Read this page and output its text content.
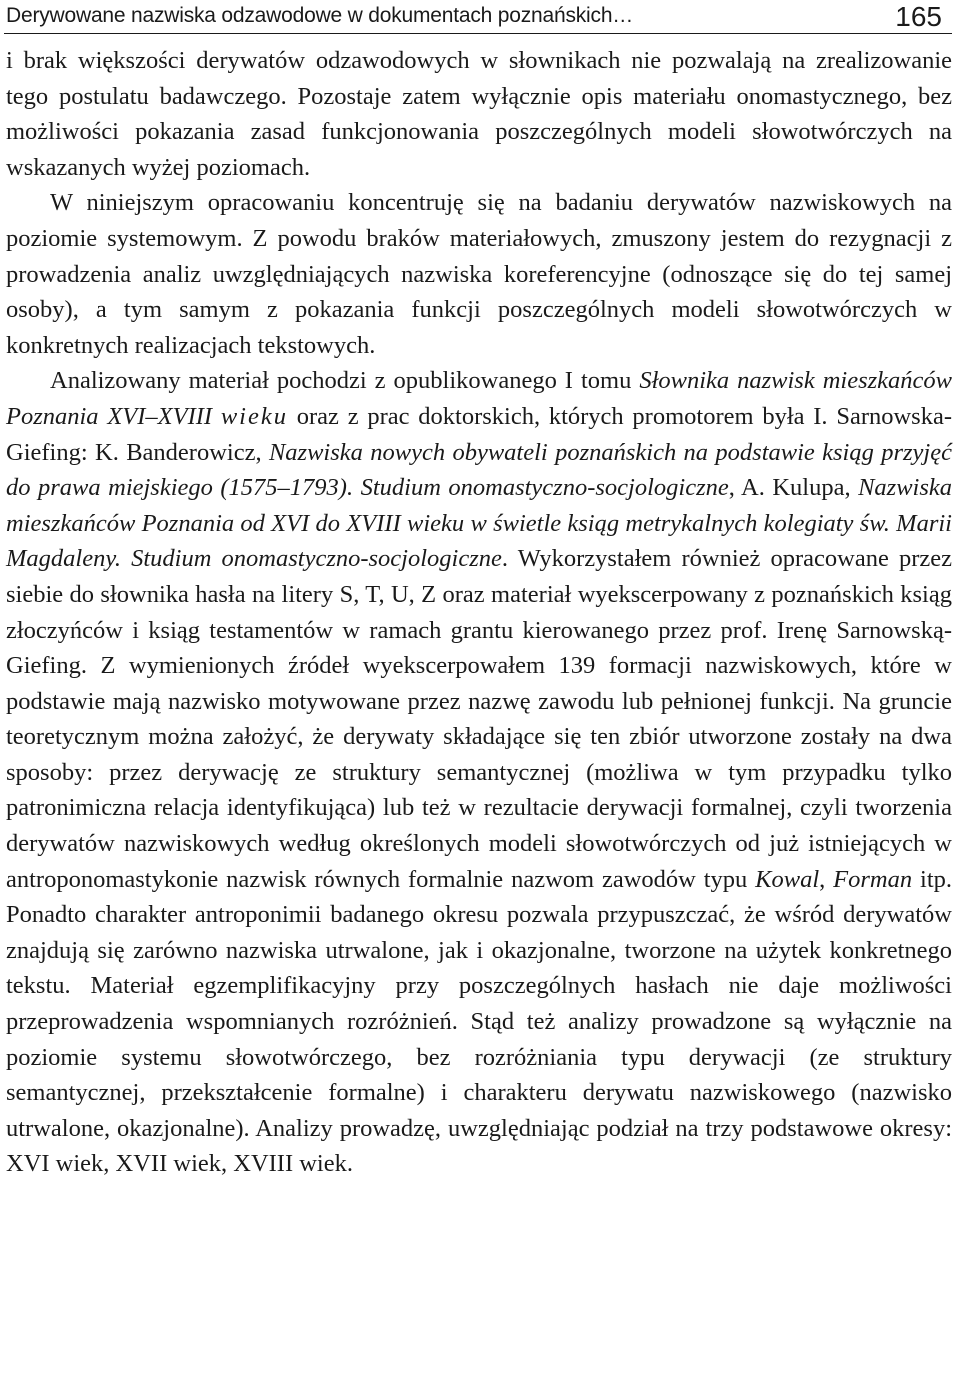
Derywowane nazwiska odzawodowe w dokumentach poznańskich…	165

i brak większości derywatów odzawodowych w słownikach nie pozwalają na zrealizowanie tego postulatu badawczego. Pozostaje zatem wyłącznie opis materiału onomastycznego, bez możliwości pokazania zasad funkcjonowania poszczególnych modeli słowotwórczych na wskazanych wyżej poziomach.

W niniejszym opracowaniu koncentruję się na badaniu derywatów nazwiskowych na poziomie systemowym. Z powodu braków materiałowych, zmuszony jestem do rezygnacji z prowadzenia analiz uwzględniających nazwiska koreferencyjne (odnoszące się do tej samej osoby), a tym samym z pokazania funkcji poszczególnych modeli słowotwórczych w konkretnych realizacjach tekstowych.

Analizowany materiał pochodzi z opublikowanego I tomu Słownika nazwisk mieszkańców Poznania XVI–XVIII wieku oraz z prac doktorskich, których promotorem była I. Sarnowska-Giefing: K. Banderowicz, Nazwiska nowych obywateli poznańskich na podstawie ksiąg przyjęć do prawa miejskiego (1575–1793). Studium onomastyczno-socjologiczne, A. Kulupa, Nazwiska mieszkańców Poznania od XVI do XVIII wieku w świetle ksiąg metrykalnych kolegiaty św. Marii Magdaleny. Studium onomastyczno-socjologiczne. Wykorzystałem również opracowane przez siebie do słownika hasła na litery S, T, U, Z oraz materiał wyekscerpowany z poznańskich ksiąg złoczyńców i ksiąg testamentów w ramach grantu kierowanego przez prof. Irenę Sarnowską-Giefing. Z wymienionych źródeł wyekscerpowałem 139 formacji nazwiskowych, które w podstawie mają nazwisko motywowane przez nazwę zawodu lub pełnionej funkcji. Na gruncie teoretycznym można założyć, że derywaty składające się ten zbiór utworzone zostały na dwa sposoby: przez derywację ze struktury semantycznej (możliwa w tym przypadku tylko patronimiczna relacja identyfikująca) lub też w rezultacie derywacji formalnej, czyli tworzenia derywatów nazwiskowych według określonych modeli słowotwórczych od już istniejących w antroponomastykonie nazwisk równych formalnie nazwom zawodów typu Kowal, Forman itp. Ponadto charakter antroponimii badanego okresu pozwala przypuszczać, że wśród derywatów znajdują się zarówno nazwiska utrwalone, jak i okazjonalne, tworzone na użytek konkretnego tekstu. Materiał egzemplifikacyjny przy poszczególnych hasłach nie daje możliwości przeprowadzenia wspomnianych rozróżnień. Stąd też analizy prowadzone są wyłącznie na poziomie systemu słowotwórczego, bez rozróżniania typu derywacji (ze struktury semantycznej, przekształcenie formalne) i charakteru derywatu nazwiskowego (nazwisko utrwalone, okazjonalne). Analizy prowadzę, uwzględniając podział na trzy podstawowe okresy: XVI wiek, XVII wiek, XVIII wiek.
